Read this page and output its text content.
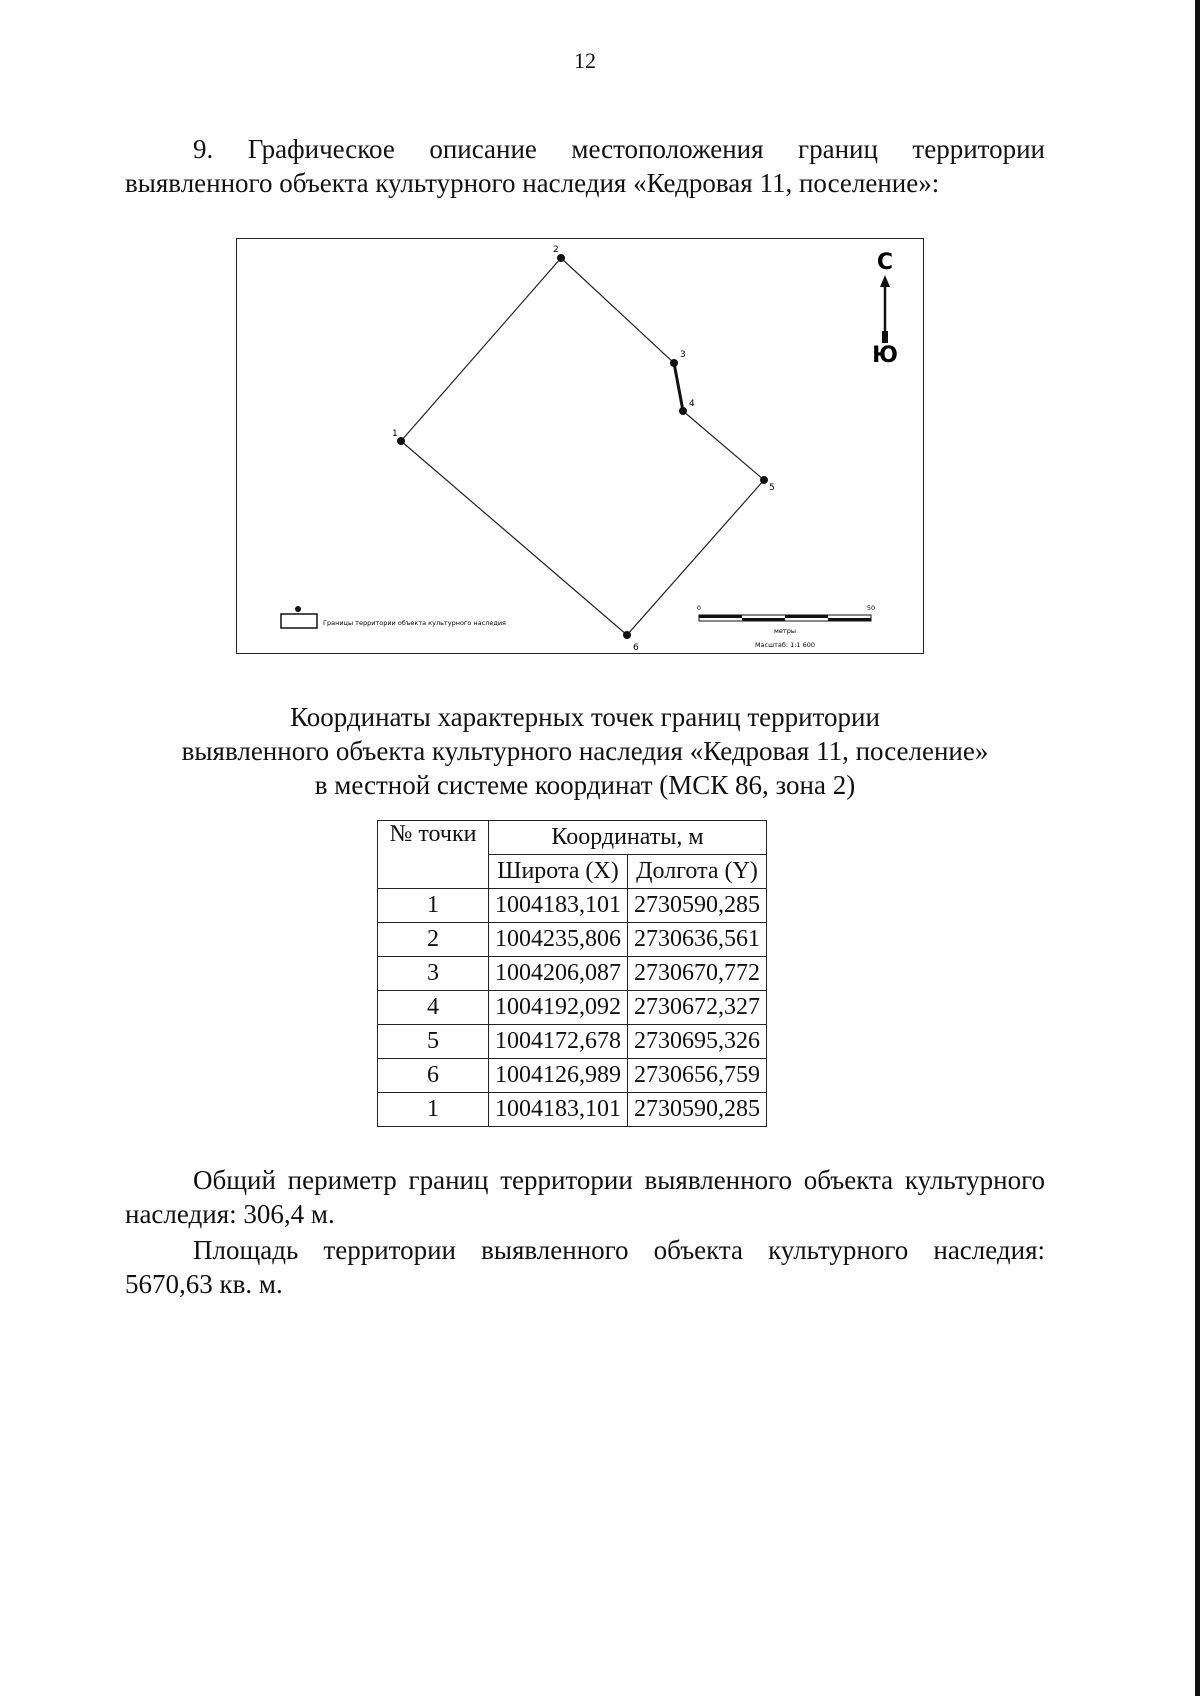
12
9. Графическое описание местоположения границ территории выявленного объекта культурного наследия «Кедровая 11, поселение»:
1
2
3
4
5
6
С
Ю
Границы территории объекта культурного наследия
0	50
метры
Масштаб: 1:1 600
Координаты характерных точек границ территории
выявленного объекта культурного наследия «Кедровая 11, поселение»
в местной системе координат (МСК 86, зона 2)
№ точки	Координаты, м	
	Широта (X)	Долгота (Y)
1	1004183,101	2730590,285
2	1004235,806	2730636,561
3	1004206,087	2730670,772
4	1004192,092	2730672,327
5	1004172,678	2730695,326
6	1004126,989	2730656,759
1	1004183,101	2730590,285
Общий периметр границ территории выявленного объекта культурного наследия: 306,4 м.
Площадь территории выявленного объекта культурного наследия: 5670,63 кв. м.
